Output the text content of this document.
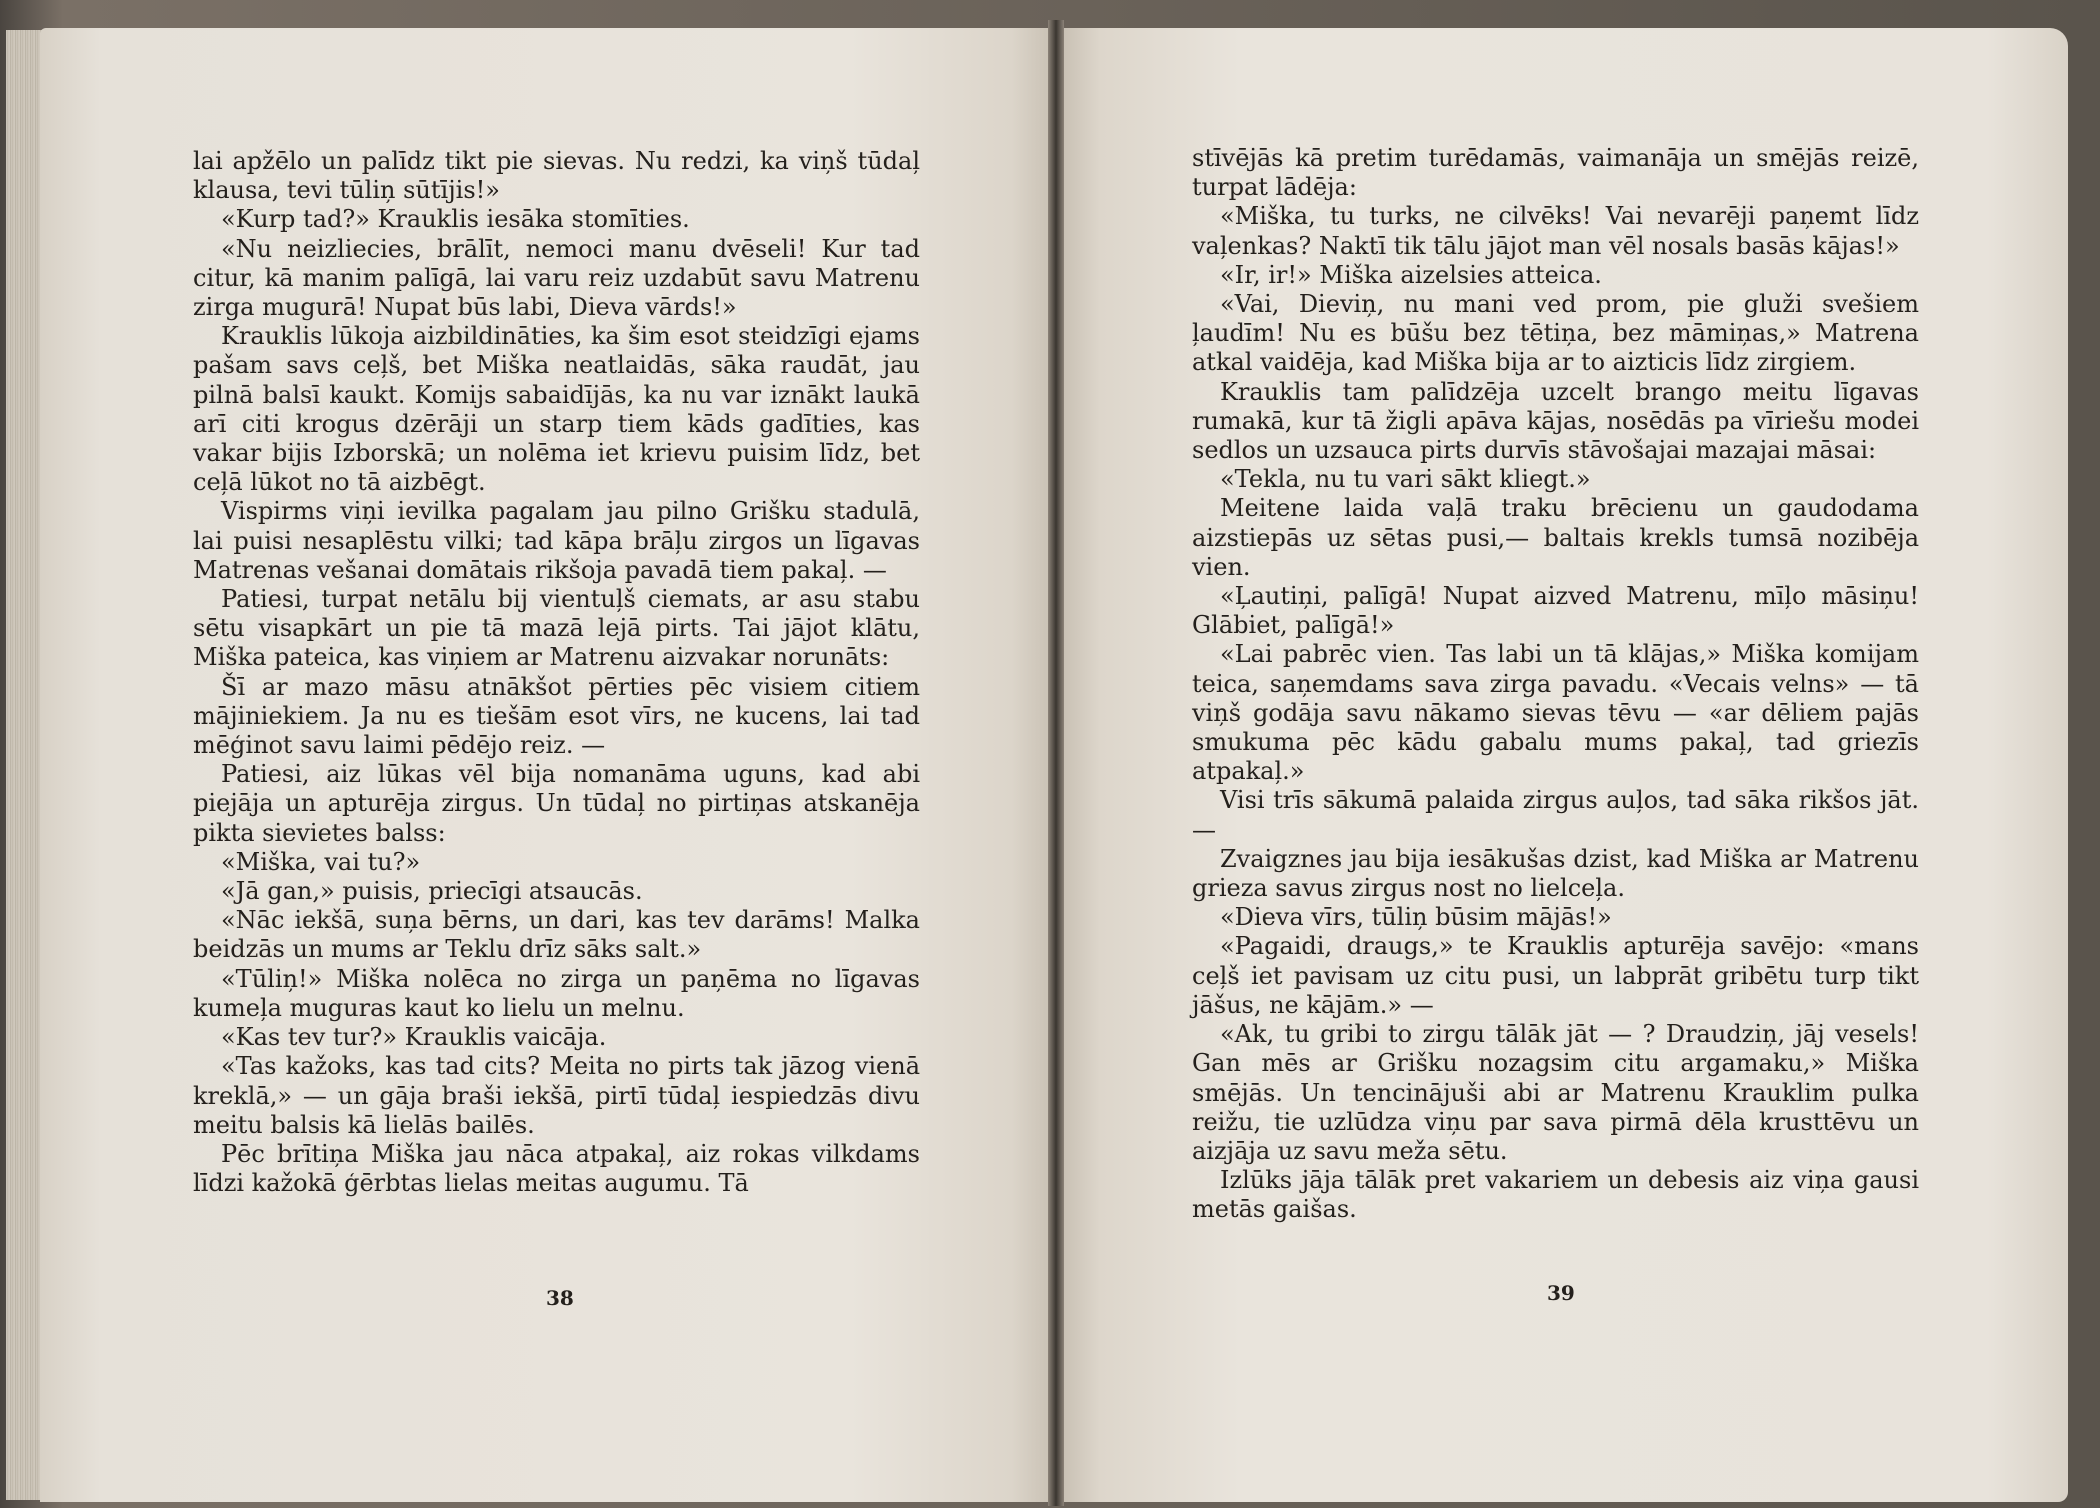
lai apžēlo un palīdz tikt pie sievas. Nu redzi, ka viņš tūdaļ klausa, tevi tūliņ sūtījis!»

«Kurp tad?» Krauklis iesāka stomīties.

«Nu neizliecies, brālīt, nemoci manu dvēseli! Kur tad citur, kā manim palīgā, lai varu reiz uzdabūt savu Matrenu zirga mugurā! Nupat būs labi, Dieva vārds!»

Krauklis lūkoja aizbildināties, ka šim esot steidzīgi ejams pašam savs ceļš, bet Miška neatlaidās, sāka raudāt, jau pilnā balsī kaukt. Komijs sabaidījās, ka nu var iznākt laukā arī citi krogus dzērāji un starp tiem kāds gadīties, kas vakar bijis Izborskā; un nolēma iet krievu puisim līdz, bet ceļā lūkot no tā aizbēgt.

Vispirms viņi ievilka pagalam jau pilno Grišku stadulā, lai puisi nesaplēstu vilki; tad kāpa brāļu zirgos un līgavas Matrenas vešanai domātais rikšoja pavadā tiem pakaļ. —

Patiesi, turpat netālu bij vientuļš ciemats, ar asu stabu sētu visapkārt un pie tā mazā lejā pirts. Tai jājot klātu, Miška pateica, kas viņiem ar Matrenu aizvakar norunāts:

Šī ar mazo māsu atnākšot pērties pēc visiem citiem mājiniekiem. Ja nu es tiešām esot vīrs, ne kucens, lai tad mēģinot savu laimi pēdējo reiz. —

Patiesi, aiz lūkas vēl bija nomanāma uguns, kad abi piejāja un apturēja zirgus. Un tūdaļ no pirtiņas atskanēja pikta sievietes balss:

«Miška, vai tu?»

«Jā gan,» puisis, priecīgi atsaucās.

«Nāc iekšā, suņa bērns, un dari, kas tev darāms! Malka beidzās un mums ar Teklu drīz sāks salt.»

«Tūliņ!» Miška nolēca no zirga un paņēma no līgavas kumeļa muguras kaut ko lielu un melnu.

«Kas tev tur?» Krauklis vaicāja.

«Tas kažoks, kas tad cits? Meita no pirts tak jāzog vienā kreklā,» — un gāja braši iekšā, pirtī tūdaļ iespiedzās divu meitu balsis kā lielās bailēs.

Pēc brītiņa Miška jau nāca atpakaļ, aiz rokas vilkdams līdzi kažokā ģērbtas lielas meitas augumu. Tā

38

stīvējās kā pretim turēdamās, vaimanāja un smējās reizē, turpat lādēja:

«Miška, tu turks, ne cilvēks! Vai nevarēji paņemt līdz vaļenkas? Naktī tik tālu jājot man vēl nosals basās kājas!»

«Ir, ir!» Miška aizelsies atteica.

«Vai, Dieviņ, nu mani ved prom, pie gluži svešiem ļaudīm! Nu es būšu bez tētiņa, bez māmiņas,» Matrena atkal vaidēja, kad Miška bija ar to aizticis līdz zirgiem.

Krauklis tam palīdzēja uzcelt brango meitu līgavas rumakā, kur tā žigli apāva kājas, nosēdās pa vīriešu modei sedlos un uzsauca pirts durvīs stāvošajai mazajai māsai:

«Tekla, nu tu vari sākt kliegt.»

Meitene laida vaļā traku brēcienu un gaudodama aizstiepās uz sētas pusi,— baltais krekls tumsā nozibēja vien.

«Ļautiņi, palīgā! Nupat aizved Matrenu, mīļo māsiņu! Glābiet, palīgā!»

«Lai pabrēc vien. Tas labi un tā klājas,» Miška komijam teica, saņemdams sava zirga pavadu. «Vecais velns» — tā viņš godāja savu nākamo sievas tēvu — «ar dēliem pajās smukuma pēc kādu gabalu mums pakaļ, tad griezīs atpakaļ.»

Visi trīs sākumā palaida zirgus auļos, tad sāka rikšos jāt. —

Zvaigznes jau bija iesākušas dzist, kad Miška ar Matrenu grieza savus zirgus nost no lielceļa.

«Dieva vīrs, tūliņ būsim mājās!»

«Pagaidi, draugs,» te Krauklis apturēja savējo: «mans ceļš iet pavisam uz citu pusi, un labprāt gribētu turp tikt jāšus, ne kājām.» —

«Ak, tu gribi to zirgu tālāk jāt — ? Draudziņ, jāj vesels! Gan mēs ar Grišku nozagsim citu argamaku,» Miška smējās. Un tencinājuši abi ar Matrenu Krauklim pulka reižu, tie uzlūdza viņu par sava pirmā dēla krusttēvu un aizjāja uz savu meža sētu.

Izlūks jāja tālāk pret vakariem un debesis aiz viņa gausi metās gaišas.

39
